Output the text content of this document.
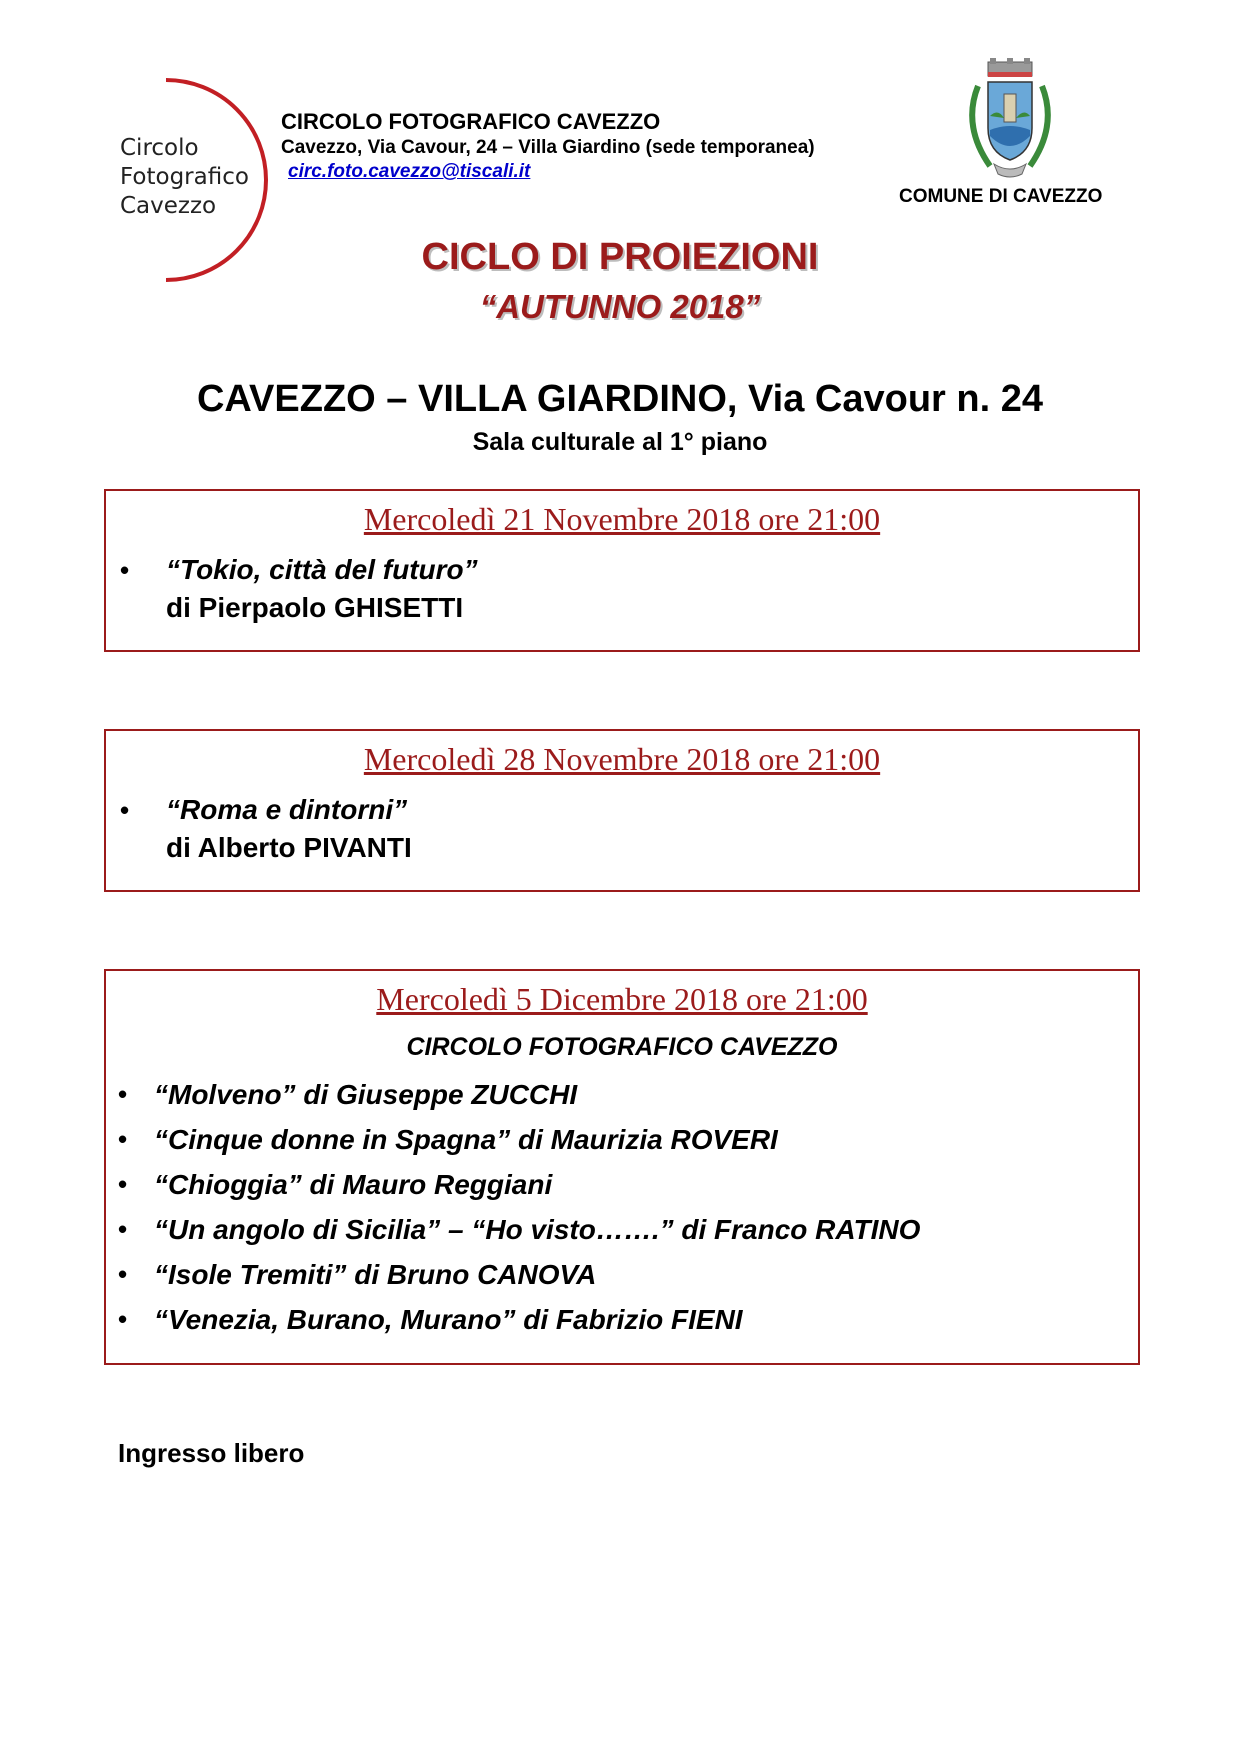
Circolo
Fotografico
Cavezzo
CIRCOLO FOTOGRAFICO CAVEZZO
Cavezzo, Via Cavour, 24 – Villa Giardino (sede temporanea)
circ.foto.cavezzo@tiscali.it
COMUNE DI CAVEZZO
CICLO DI PROIEZIONI
“AUTUNNO 2018”
CAVEZZO – VILLA GIARDINO, Via Cavour n. 24
Sala culturale al 1° piano
Mercoledì 21 Novembre 2018 ore 21:00
• “Tokio, città del futuro”
di Pierpaolo GHISETTI
Mercoledì 28 Novembre 2018 ore 21:00
• “Roma e dintorni”
di Alberto PIVANTI
Mercoledì 5 Dicembre 2018 ore 21:00
CIRCOLO FOTOGRAFICO CAVEZZO
• “Molveno” di Giuseppe ZUCCHI
• “Cinque donne in Spagna” di Maurizia ROVERI
• “Chioggia” di Mauro Reggiani
• “Un angolo di Sicilia” – “Ho visto…….” di Franco RATINO
• “Isole Tremiti” di Bruno CANOVA
• “Venezia, Burano, Murano” di Fabrizio FIENI
Ingresso libero
